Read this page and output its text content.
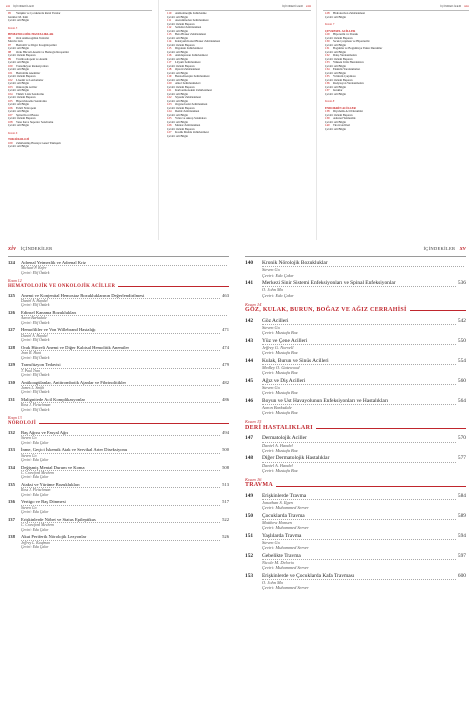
xii İÇİNDEKİLER
95	Yetişkin ve Çocuklarda Retal Yaralar
Jennifer M. Kim
Çeviri: Ali Bilgin
Kısım 5
HEMATOLOJİK HASTALIKLAR
96	Oral Antikoagülan Tedavisi
Marvin Lim
97	Hemofili ve Diğer Koagülopatiler
Çeviri: Ali Bilgin
98	Orak Hücreli Anemi ve Hemoglobinopatiler
Çeviri: Özlem Başaran
99	Trombositopeni ve Anemi
Çeviri: Ali Bilgin
100	Transfüzyon Reaksiyonları
Çeviri: Ali Bilgin
101	Hemolitik Anemiler
Çeviri: Özlem Başaran
102	Lösemi ve Lenfomalar
Çeviri: Ali Bilgin
103	Onkolojik Aciller
Çeviri: Ali Bilgin
104	Tümör Lizis Sendromu
Çeviri: Özlem Başaran
105	Hiperviskozite Sendromu
Çeviri: Ali Bilgin
106	Febril Nötropeni
Çeviri: Ali Bilgin
107	Spinal Kord Basısı
Çeviri: Özlem Başaran
108	Vena Kava Superior Sendromu
Çeviri: Ali Bilgin
Kısım 6
TOKSİKOLOJİ
109	Zehirlenmiş Hastaya Genel Yaklaşım
Çeviri: Ali Bilgin
İÇİNDEKİLER xiii
110	Antikolinerjik Zehirlenme
Çeviri: Ali Bilgin
111	Asetaminofen Zehirlenmesi
Çeviri: Özlem Başaran
112	Salisilat Zehirlenmesi
Çeviri: Ali Bilgin
113	Beta Bloker Zehirlenmesi
Çeviri: Ali Bilgin
114	Kalsiyum Kanal Bloker Zehirlenmesi
Çeviri: Özlem Başaran
115	Digoksin Zehirlenmesi
Çeviri: Ali Bilgin
116	Antidepresan Zehirlenmesi
Çeviri: Ali Bilgin
117	Lityum Zehirlenmesi
Çeviri: Özlem Başaran
118	Opioid Zehirlenmesi
Çeviri: Ali Bilgin
119	Benzodiazepin Zehirlenmesi
Çeviri: Ali Bilgin
120	Alkol Zehirlenmeleri
Çeviri: Özlem Başaran
121	Karbonmonoksit Zehirlenmesi
Çeviri: Ali Bilgin
122	Siyanür Zehirlenmesi
Çeviri: Ali Bilgin
123	Organofosfat Zehirlenmesi
Çeviri: Özlem Başaran
124	Demir Zehirlenmesi
Çeviri: Ali Bilgin
125	Yılan ve Akrep Sokmaları
Çeviri: Ali Bilgin
126	Mantar Zehirlenmesi
Çeviri: Özlem Başaran
127	Kostik Madde Zehirlenmesi
Çeviri: Ali Bilgin
İÇİNDEKİLER xiv
128	Hidrokarbon Zehirlenmesi
Çeviri: Ali Bilgin
Kısım 7
ÇEVRESEL ACİLLER
129	Hipotermi ve Donuk
Çeviri: Özlem Başaran
130	Sıcak Çarpması ve Hipertermi
Çeviri: Ali Bilgin
131	Boğulma ve Boğulmaya Yakın Durumlar
Çeviri: Ali Bilgin
132	Dalış Yaralanmaları
Çeviri: Özlem Başaran
133	Yüksek İrtifa Hastalıkları
Çeviri: Ali Bilgin
134	Elektrik Yaralanmaları
Çeviri: Ali Bilgin
135	Yıldırım Çarpması
Çeviri: Özlem Başaran
136	Radyasyon Yaralanmaları
Çeviri: Ali Bilgin
137	Isırıklar
Çeviri: Ali Bilgin
Kısım 8
ENDOKRİN ACİLLER
138	Diyabetik Acil Durumlar
Çeviri: Özlem Başaran
139	Adrenal Yetmezlik
Çeviri: Ali Bilgin
140	Tiroid Acilleri
Çeviri: Ali Bilgin
xiv İÇİNDEKİLER
124	Adrenal Yetmezlik ve Adrenal Kriz
Michael P. Kefer
Çeviri: Elif Öztürk
Kısım 12
HEMATOLOJİK VE ONKOLOJİK ACİLLER
125	Anemi ve Konjenital Hemostaz Bozukluklarının Değerlendirilmesi	463
Daniel A. Handel
Çeviri: Elif Öztürk
126	Edinsel Kanama Bozuklukları
Aaron Barksdale
Çeviri: Elif Öztürk
127	Hemofililer ve Von Willebrand Hastalığı	471
Daniel A. Handel
Çeviri: Elif Öztürk
128	Orak Hücreli Anemi ve Diğer Kalıtsal Hemolitik Anemiler	474
Jean R. Hunt
Çeviri: Elif Öztürk
129	Transfüzyon Tedavisi	479
T. Paul Tran
Çeviri: Elif Öztürk
130	Antikoagülanlar, Antitrombotik Ajanlar ve Fibrinolitikler	482
James L. Smith
Çeviri: Elif Öztürk
131	Malignitede Acil Komplikasyonlar	486
Ross J. Fleischman
Çeviri: Elif Öztürk
Kısım 13
NÖROLOJİ
132	Baş Ağrısı ve Fasyal Ağrı	494
Steven Go
Çeviri: Eda Çakır
133	İnme, Geçici İskemik Atak ve Servikal Arter Diseksiyonu	500
Steven Go
Çeviri: Eda Çakır
134	Değişmiş Mental Durum ve Koma	508
C. Crawford Mechem
Çeviri: Eda Çakır
135	Ataksi ve Yürüme Bozuklukları	513
Ross J. Fleischman
Çeviri: Eda Çakır
136	Vertigo ve Baş Dönmesi	517
Steven Go
Çeviri: Eda Çakır
137	Erişkinlerde Nöbet ve Status Epileptikus	522
C. Crawford Mechem
Çeviri: Eda Çakır
138	Akut Periferik Nörolojik Lezyonlar	526
Jeffrey L. Kaufman
Çeviri: Eda Çakır
İÇİNDEKİLER xv
140	Kronik Nörolojik Bozukluklar
Steven Go
Çeviri: Eda Çakır
141	Merkezi Sinir Sistemi Enfeksiyonları ve Spinal Enfeksiyonlar	536
O. John Ma
Çeviri: Eda Çakır
Kısım 14
GÖZ, KULAK, BURUN, BOĞAZ VE AĞIZ CERRAHİSİ
142	Göz Acilleri	542
Steven Go
Çeviri: Mustafa Boz
143	Yüz ve Çene Acilleri	550
Jeffrey G. Norvell
Çeviri: Mustafa Boz
144	Kulak, Burun ve Sinüs Acilleri	554
Medley O. Gatewood
Çeviri: Mustafa Boz
145	Ağız ve Diş Acilleri	560
Steven Go
Çeviri: Mustafa Boz
146	Boyun ve Üst Havayolunun Enfeksiyonları ve Hastalıkları	564
Aaron Barksdale
Çeviri: Mustafa Boz
Kısım 15
DERİ HASTALIKLARI
147	Dermatolojik Aciller	570
Daniel A. Handel
Çeviri: Mustafa Boz
148	Diğer Dermatolojik Hastalıklar	577
Daniel A. Handel
Çeviri: Mustafa Boz
Kısım 16
TRAVMA
149	Erişkinlerde Travma	584
Jonathan S. Ilgen
Çeviri: Muhammed Server
150	Çocuklarda Travma	589
Matthew Hansen
Çeviri: Muhammed Server
151	Yaşlılarda Travma	594
Steven Go
Çeviri: Muhammed Server
152	Gebelikte Travma	597
Nicole M. Delorio
Çeviri: Muhammed Server
153	Erişkinlerde ve Çocuklarda Kafa Travması	600
O. John Ma
Çeviri: Muhammed Server
